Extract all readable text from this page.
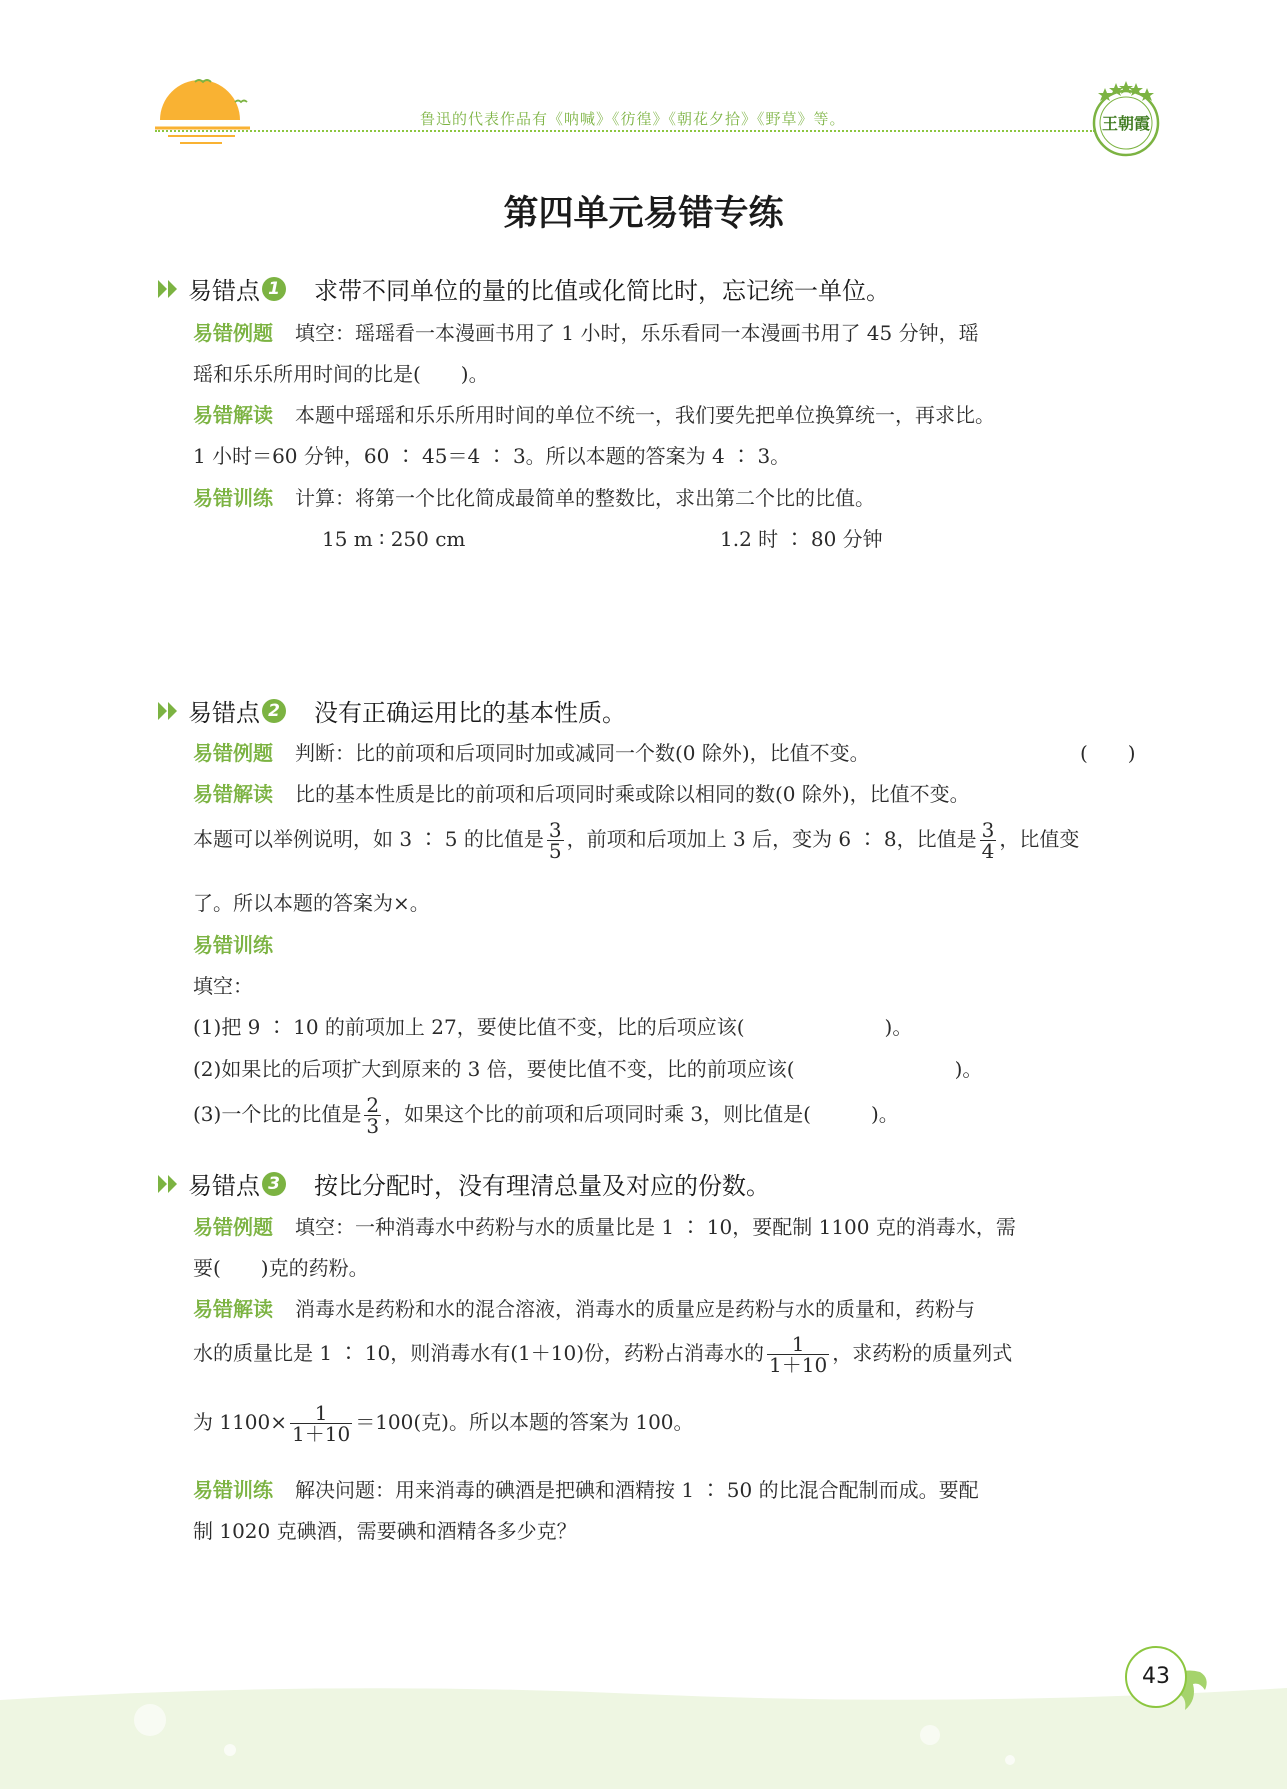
鲁迅的代表作品有《呐喊》《彷徨》《朝花夕拾》《野草》等。	王朝霞
第四单元易错专练
易错点 1 求带不同单位的量的比值或化简比时，忘记统一单位。
易错例题 填空：瑶瑶看一本漫画书用了 1 小时，乐乐看同一本漫画书用了 45 分钟，瑶
瑶和乐乐所用时间的比是(　　)。
易错解读 本题中瑶瑶和乐乐所用时间的单位不统一，我们要先把单位换算统一，再求比。
1 小时＝60 分钟，60 ∶ 45＝4 ∶ 3。所以本题的答案为 4 ∶ 3。
易错训练 计算：将第一个比化简成最简单的整数比，求出第二个比的比值。
15 m ∶ 250 cm	1.2 时 ∶ 80 分钟
易错点 2 没有正确运用比的基本性质。
易错例题 判断：比的前项和后项同时加或减同一个数(0 除外)，比值不变。	(　　)
易错解读 比的基本性质是比的前项和后项同时乘或除以相同的数(0 除外)，比值不变。
本题可以举例说明，如 3 ∶ 5 的比值是 $\frac{3}{5}$ ，前项和后项加上 3 后，变为 6 ∶ 8，比值是 $\frac{3}{4}$ ，比值变
了。所以本题的答案为×。
易错训练
填空：
(1)把 9 ∶ 10 的前项加上 27，要使比值不变，比的后项应该(　　　　　　　)。
(2)如果比的后项扩大到原来的 3 倍，要使比值不变，比的前项应该(　　　　　　　　)。
(3)一个比的比值是 $\frac{2}{3}$ ，如果这个比的前项和后项同时乘 3，则比值是(　　　)。
易错点 3 按比分配时，没有理清总量及对应的份数。
易错例题 填空：一种消毒水中药粉与水的质量比是 1 ∶ 10，要配制 1100 克的消毒水，需
要(　　)克的药粉。
易错解读 消毒水是药粉和水的混合溶液，消毒水的质量应是药粉与水的质量和，药粉与
水的质量比是 1 ∶ 10，则消毒水有(1＋10)份，药粉占消毒水的 $\frac{1}{1+10}$ ，求药粉的质量列式
为 $1100\times \frac{1}{1+10} =100$(克)。所以本题的答案为 100。
易错训练 解决问题：用来消毒的碘酒是把碘和酒精按 1 ∶ 50 的比混合配制而成。要配
制 1020 克碘酒，需要碘和酒精各多少克？
43
